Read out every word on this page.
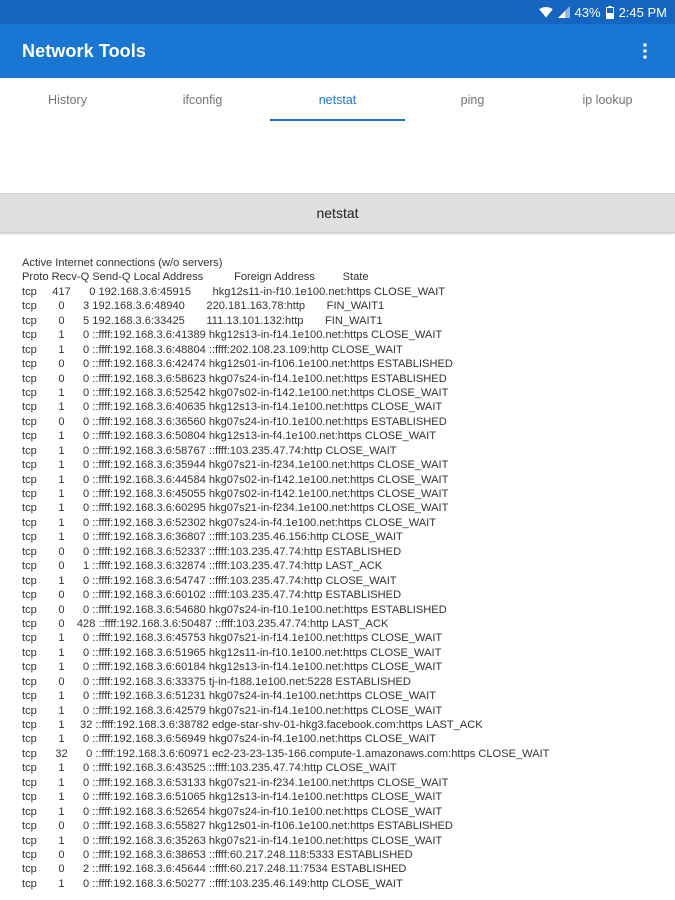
43% 2:45 PM
Network Tools
History	ifconfig	netstat	ping	ip lookup
netstat
Active Internet connections (w/o servers)
Proto Recv-Q Send-Q Local Address          Foreign Address         State
tcp     417      0 192.168.3.6:45915       hkg12s11-in-f10.1e100.net:https CLOSE_WAIT
tcp       0      3 192.168.3.6:48940       220.181.163.78:http       FIN_WAIT1
tcp       0      5 192.168.3.6:33425       111.13.101.132:http       FIN_WAIT1
tcp       1      0 ::ffff:192.168.3.6:41389 hkg12s13-in-f14.1e100.net:https CLOSE_WAIT
tcp       1      0 ::ffff:192.168.3.6:48804 ::ffff:202.108.23.109:http CLOSE_WAIT
tcp       0      0 ::ffff:192.168.3.6:42474 hkg12s01-in-f106.1e100.net:https ESTABLISHED
tcp       0      0 ::ffff:192.168.3.6:58623 hkg07s24-in-f14.1e100.net:https ESTABLISHED
tcp       1      0 ::ffff:192.168.3.6:52542 hkg07s02-in-f142.1e100.net:https CLOSE_WAIT
tcp       1      0 ::ffff:192.168.3.6:40635 hkg12s13-in-f14.1e100.net:https CLOSE_WAIT
tcp       0      0 ::ffff:192.168.3.6:36560 hkg07s24-in-f10.1e100.net:https ESTABLISHED
tcp       1      0 ::ffff:192.168.3.6:50804 hkg12s13-in-f4.1e100.net:https CLOSE_WAIT
tcp       1      0 ::ffff:192.168.3.6:58767 ::ffff:103.235.47.74:http CLOSE_WAIT
tcp       1      0 ::ffff:192.168.3.6:35944 hkg07s21-in-f234.1e100.net:https CLOSE_WAIT
tcp       1      0 ::ffff:192.168.3.6:44584 hkg07s02-in-f142.1e100.net:https CLOSE_WAIT
tcp       1      0 ::ffff:192.168.3.6:45055 hkg07s02-in-f142.1e100.net:https CLOSE_WAIT
tcp       1      0 ::ffff:192.168.3.6:60295 hkg07s21-in-f234.1e100.net:https CLOSE_WAIT
tcp       1      0 ::ffff:192.168.3.6:52302 hkg07s24-in-f4.1e100.net:https CLOSE_WAIT
tcp       1      0 ::ffff:192.168.3.6:36807 ::ffff:103.235.46.156:http CLOSE_WAIT
tcp       0      0 ::ffff:192.168.3.6:52337 ::ffff:103.235.47.74:http ESTABLISHED
tcp       0      1 ::ffff:192.168.3.6:32874 ::ffff:103.235.47.74:http LAST_ACK
tcp       1      0 ::ffff:192.168.3.6:54747 ::ffff:103.235.47.74:http CLOSE_WAIT
tcp       0      0 ::ffff:192.168.3.6:60102 ::ffff:103.235.47.74:http ESTABLISHED
tcp       0      0 ::ffff:192.168.3.6:54680 hkg07s24-in-f10.1e100.net:https ESTABLISHED
tcp       0    428 ::ffff:192.168.3.6:50487 ::ffff:103.235.47.74:http LAST_ACK
tcp       1      0 ::ffff:192.168.3.6:45753 hkg07s21-in-f14.1e100.net:https CLOSE_WAIT
tcp       1      0 ::ffff:192.168.3.6:51965 hkg12s11-in-f10.1e100.net:https CLOSE_WAIT
tcp       1      0 ::ffff:192.168.3.6:60184 hkg12s13-in-f14.1e100.net:https CLOSE_WAIT
tcp       0      0 ::ffff:192.168.3.6:33375 tj-in-f188.1e100.net:5228 ESTABLISHED
tcp       1      0 ::ffff:192.168.3.6:51231 hkg07s24-in-f4.1e100.net:https CLOSE_WAIT
tcp       1      0 ::ffff:192.168.3.6:42579 hkg07s21-in-f14.1e100.net:https CLOSE_WAIT
tcp       1     32 ::ffff:192.168.3.6:38782 edge-star-shv-01-hkg3.facebook.com:https LAST_ACK
tcp       1      0 ::ffff:192.168.3.6:56949 hkg07s24-in-f4.1e100.net:https CLOSE_WAIT
tcp      32      0 ::ffff:192.168.3.6:60971 ec2-23-23-135-166.compute-1.amazonaws.com:https CLOSE_WAIT
tcp       1      0 ::ffff:192.168.3.6:43525 ::ffff:103.235.47.74:http CLOSE_WAIT
tcp       1      0 ::ffff:192.168.3.6:53133 hkg07s21-in-f234.1e100.net:https CLOSE_WAIT
tcp       1      0 ::ffff:192.168.3.6:51065 hkg12s13-in-f14.1e100.net:https CLOSE_WAIT
tcp       1      0 ::ffff:192.168.3.6:52654 hkg07s24-in-f10.1e100.net:https CLOSE_WAIT
tcp       0      0 ::ffff:192.168.3.6:55827 hkg12s01-in-f106.1e100.net:https ESTABLISHED
tcp       1      0 ::ffff:192.168.3.6:35263 hkg07s21-in-f14.1e100.net:https CLOSE_WAIT
tcp       0      0 ::ffff:192.168.3.6:38653 ::ffff:60.217.248.118:5333 ESTABLISHED
tcp       0      2 ::ffff:192.168.3.6:45644 ::ffff:60.217.248.11:7534 ESTABLISHED
tcp       1      0 ::ffff:192.168.3.6:50277 ::ffff:103.235.46.149:http CLOSE_WAIT
